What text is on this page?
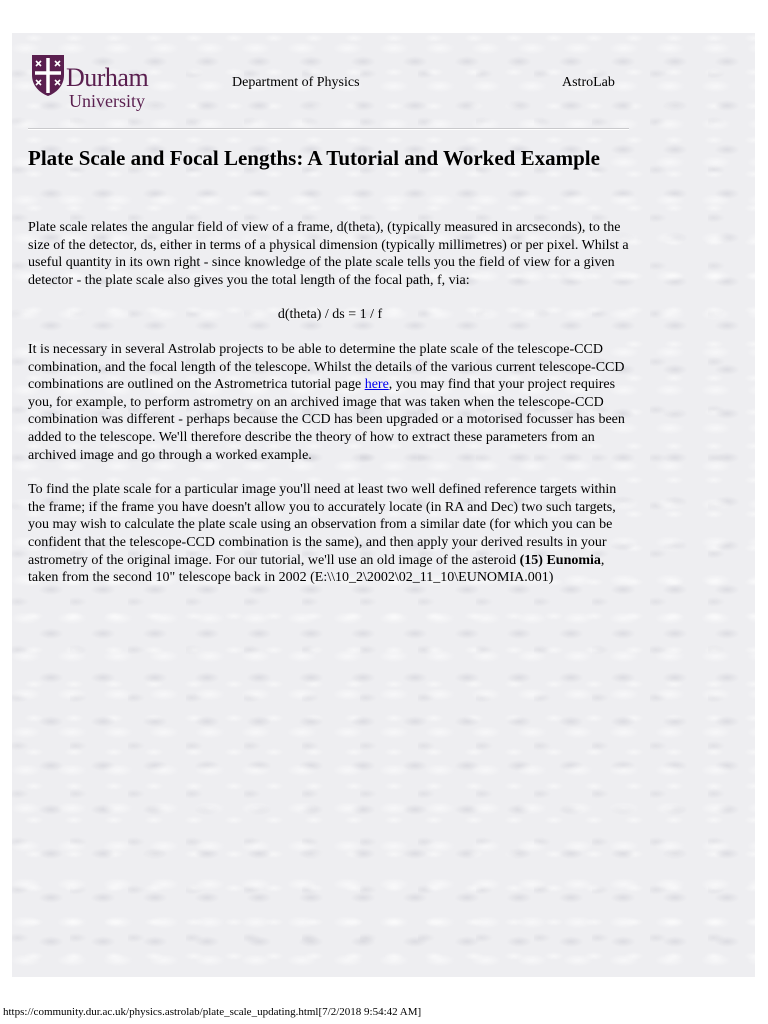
Durham
University
Department of Physics	AstroLab
Plate Scale and Focal Lengths: A Tutorial and Worked Example

Plate scale relates the angular field of view of a frame, d(theta), (typically measured in arcseconds), to the size of the detector, ds, either in terms of a physical dimension (typically millimetres) or per pixel. Whilst a useful quantity in its own right - since knowledge of the plate scale tells you the field of view for a given detector - the plate scale also gives you the total length of the focal path, f, via:

d(theta) / ds = 1 / f

It is necessary in several Astrolab projects to be able to determine the plate scale of the telescope-CCD combination, and the focal length of the telescope. Whilst the details of the various current telescope-CCD combinations are outlined on the Astrometrica tutorial page here, you may find that your project requires you, for example, to perform astrometry on an archived image that was taken when the telescope-CCD combination was different - perhaps because the CCD has been upgraded or a motorised focusser has been added to the telescope. We'll therefore describe the theory of how to extract these parameters from an archived image and go through a worked example.

To find the plate scale for a particular image you'll need at least two well defined reference targets within the frame; if the frame you have doesn't allow you to accurately locate (in RA and Dec) two such targets, you may wish to calculate the plate scale using an observation from a similar date (for which you can be confident that the telescope-CCD combination is the same), and then apply your derived results in your astrometry of the original image. For our tutorial, we'll use an old image of the asteroid (15) Eunomia, taken from the second 10" telescope back in 2002 (E:\\10_2\2002\02_11_10\EUNOMIA.001)

https://community.dur.ac.uk/physics.astrolab/plate_scale_updating.html[7/2/2018 9:54:42 AM]
